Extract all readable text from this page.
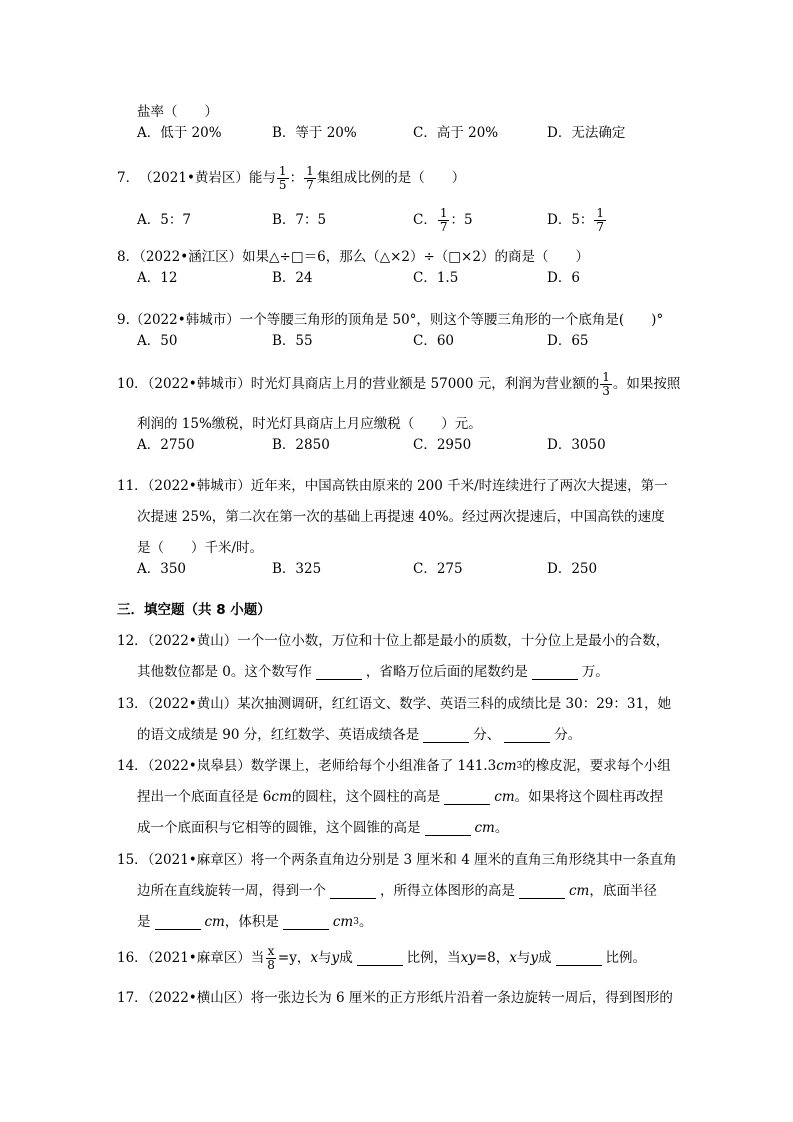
盐率（　　）
A．低于 20%	B．等于 20%	C．高于 20%	D．无法确定
7． （2021•黄岩区） 能与 $\frac{1}{5}$ ： $\frac{1}{7}$ 集组成比例的是（　　）
A．5：7	B．7：5	C． $\frac{1}{7}$ ：5	D．5： $\frac{1}{7}$
8．（2022•涵江区）如果△÷□＝6，那么（△×2）÷（□×2）的商是（　　）
A．12	B．24	C．1.5	D．6
9.（2022•韩城市）一个等腰三角形的顶角是 50°，则这个等腰三角形的一个底角是(　　)°
A．50	B．55	C．60	D．65
10．（2022•韩城市）时光灯具商店上月的营业额是 57000 元，利润为营业额的 $\frac{1}{3}$ 。如果按照
利润的 15%缴税，时光灯具商店上月应缴税（　　）元。
A．2750	B．2850	C．2950	D．3050
11．（2022•韩城市）近年来，中国高铁由原来的 200 千米/时连续进行了两次大提速，第一
次提速 25%，第二次在第一次的基础上再提速 40%。经过两次提速后，中国高铁的速度
是（　　）千米/时。
A．350	B．325	C．275	D．250
三．填空题（共 8 小题）
12．（2022•黄山）一个一位小数，万位和十位上都是最小的质数，十分位上是最小的合数，
其他数位都是 0。这个数写作	，省略万位后面的尾数约是	万。
13．（2022•黄山）某次抽测调研，红红语文、数学、英语三科的成绩比是 30：29：31，她
的语文成绩是 90 分，红红数学、英语成绩各是	分、	分。
14．（2022•岚皋县）数学课上，老师给每个小组准备了 141.3 cm 3 的橡皮泥，要求每个小组
捏出一个底面直径是 6 cm 的圆柱，这个圆柱的高是	cm 。如果将这个圆柱再改捏
成一个底面积与它相等的圆锥，这个圆锥的高是	cm 。
15．（2021•麻章区）将一个两条直角边分别是 3 厘米和 4 厘米的直角三角形绕其中一条直角
边所在直线旋转一周，得到一个	，所得立体图形的高是	cm ，底面半径
是	cm ，体积是	cm 3 。
16．（2021•麻章区）当 $\frac{x}{8} =y$， x 与 y 成	比例，当 xy =8， x 与 y 成	比例。
17．（2022•横山区）将一张边长为 6 厘米的正方形纸片沿着一条边旋转一周后，得到图形的
